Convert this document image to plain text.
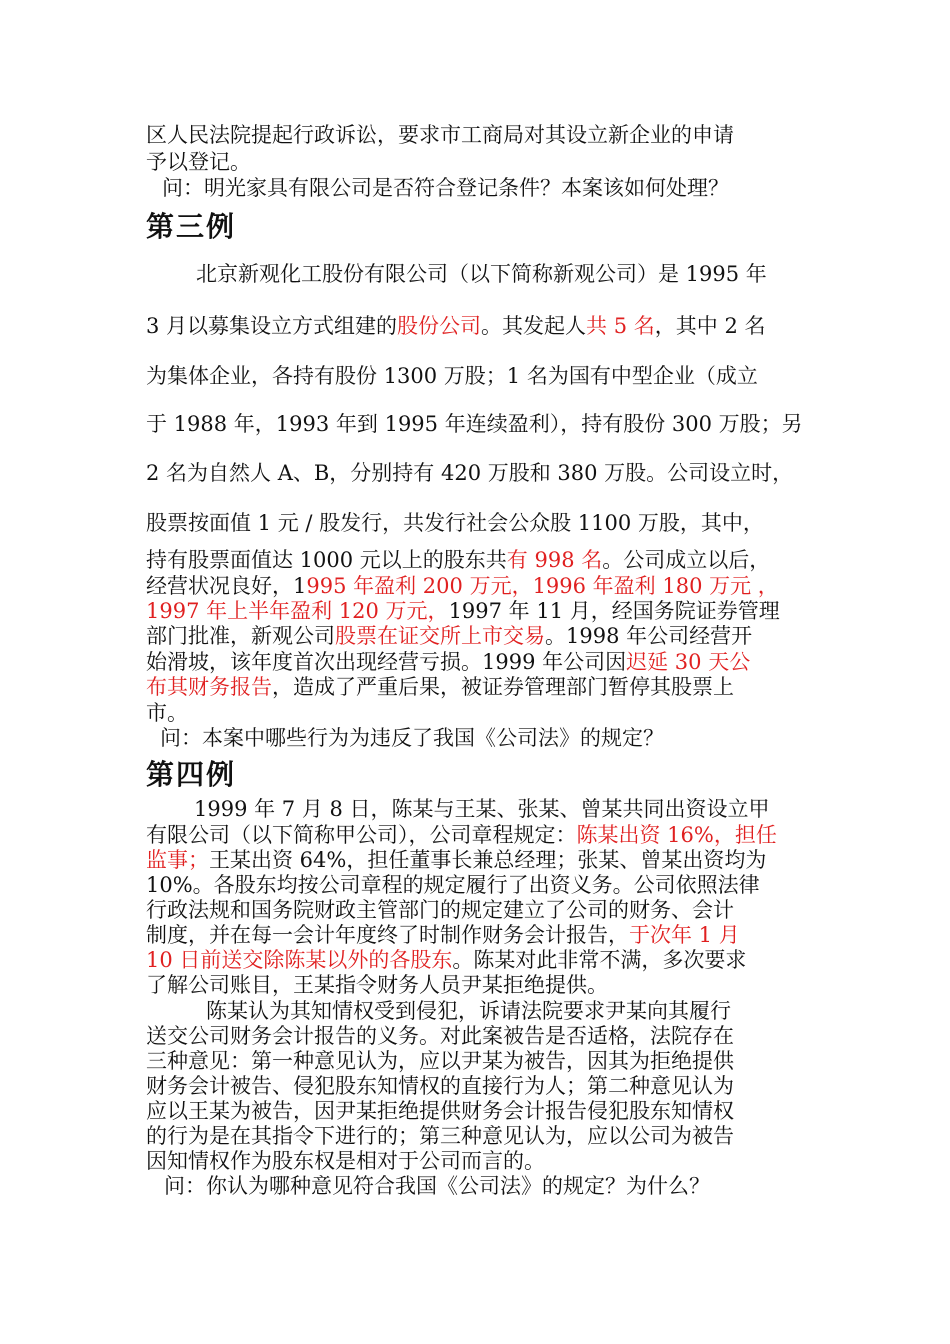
区人民法院提起行政诉讼，要求市工商局对其设立新企业的申请
予以登记。
问：明光家具有限公司是否符合登记条件？本案该如何处理？
第三例
北京新观化工股份有限公司（以下简称新观公司）是 1995 年
3 月以募集设立方式组建的股份公司。其发起人共 5 名，其中 2 名
为集体企业，各持有股份 1300 万股；1 名为国有中型企业（成立
于 1988 年，1993 年到 1995 年连续盈利），持有股份 300 万股；另
2 名为自然人 A、B，分别持有 420 万股和 380 万股。公司设立时，
股票按面值 1 元 / 股发行，共发行社会公众股 1100 万股，其中，
持有股票面值达 1000 元以上的股东共有 998 名。公司成立以后，
经营状况良好，1995 年盈利 200 万元，1996 年盈利 180 万元 ，
1997 年上半年盈利 120 万元，1997 年 11 月，经国务院证券管理
部门批准，新观公司股票在证交所上市交易。1998 年公司经营开
始滑坡，该年度首次出现经营亏损。1999 年公司因迟延 30 天公
布其财务报告，造成了严重后果，被证券管理部门暂停其股票上
市。
问：本案中哪些行为为违反了我国《公司法》的规定？
第四例
1999 年 7 月 8 日，陈某与王某、张某、曾某共同出资设立甲
有限公司（以下简称甲公司），公司章程规定：陈某出资 16%，担任
监事；王某出资 64%，担任董事长兼总经理；张某、曾某出资均为
10%。各股东均按公司章程的规定履行了出资义务。公司依照法律
行政法规和国务院财政主管部门的规定建立了公司的财务、会计
制度，并在每一会计年度终了时制作财务会计报告，于次年 1 月
10 日前送交除陈某以外的各股东。陈某对此非常不满，多次要求
了解公司账目，王某指令财务人员尹某拒绝提供。
陈某认为其知情权受到侵犯，诉请法院要求尹某向其履行
送交公司财务会计报告的义务。对此案被告是否适格，法院存在
三种意见：第一种意见认为，应以尹某为被告，因其为拒绝提供
财务会计被告、侵犯股东知情权的直接行为人；第二种意见认为
应以王某为被告，因尹某拒绝提供财务会计报告侵犯股东知情权
的行为是在其指令下进行的；第三种意见认为，应以公司为被告
因知情权作为股东权是相对于公司而言的。
问：你认为哪种意见符合我国《公司法》的规定？为什么？
